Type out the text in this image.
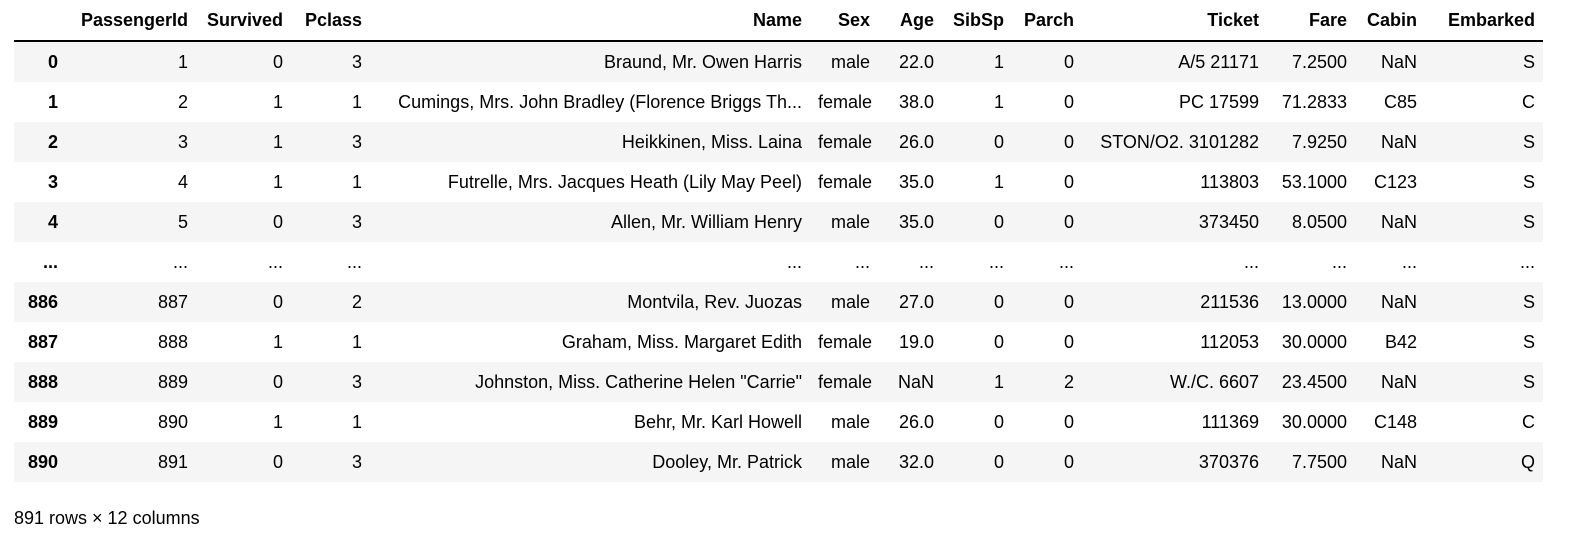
	PassengerId	Survived	Pclass	Name	Sex	Age	SibSp	Parch	Ticket	Fare	Cabin	Embarked
0	1	0	3	Braund, Mr. Owen Harris	male	22.0	1	0	A/5 21171	7.2500	NaN	S
1	2	1	1	Cumings, Mrs. John Bradley (Florence Briggs Th...	female	38.0	1	0	PC 17599	71.2833	C85	C
2	3	1	3	Heikkinen, Miss. Laina	female	26.0	0	0	STON/O2. 3101282	7.9250	NaN	S
3	4	1	1	Futrelle, Mrs. Jacques Heath (Lily May Peel)	female	35.0	1	0	113803	53.1000	C123	S
4	5	0	3	Allen, Mr. William Henry	male	35.0	0	0	373450	8.0500	NaN	S
...	...	...	...	...	...	...	...	...	...	...	...	...
886	887	0	2	Montvila, Rev. Juozas	male	27.0	0	0	211536	13.0000	NaN	S
887	888	1	1	Graham, Miss. Margaret Edith	female	19.0	0	0	112053	30.0000	B42	S
888	889	0	3	Johnston, Miss. Catherine Helen "Carrie"	female	NaN	1	2	W./C. 6607	23.4500	NaN	S
889	890	1	1	Behr, Mr. Karl Howell	male	26.0	0	0	111369	30.0000	C148	C
890	891	0	3	Dooley, Mr. Patrick	male	32.0	0	0	370376	7.7500	NaN	Q
891 rows × 12 columns
